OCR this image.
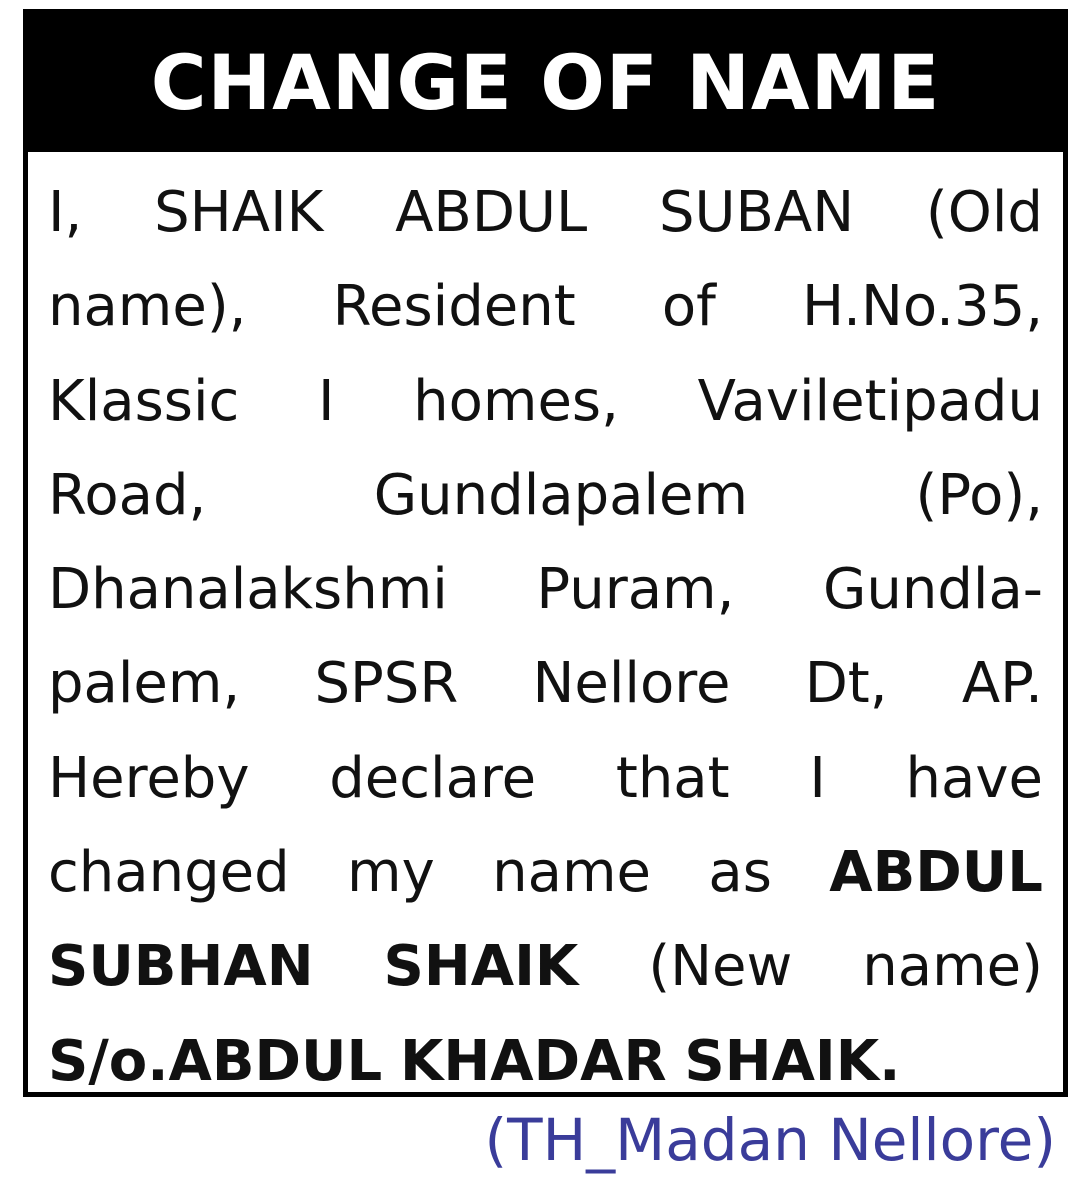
CHANGE OF NAME
I, SHAIK ABDUL SUBAN (Old
name), Resident of H.No.35,
Klassic I homes, Vaviletipadu
Road,	Gundlapalem	(Po),
Dhanalakshmi Puram, Gundla-
palem, SPSR Nellore Dt, AP.
Hereby declare that I have
changed my name as ABDUL
SUBHAN SHAIK (New name)
S/o.ABDUL
KHADAR
SHAIK.
(TH_Madan Nellore)
